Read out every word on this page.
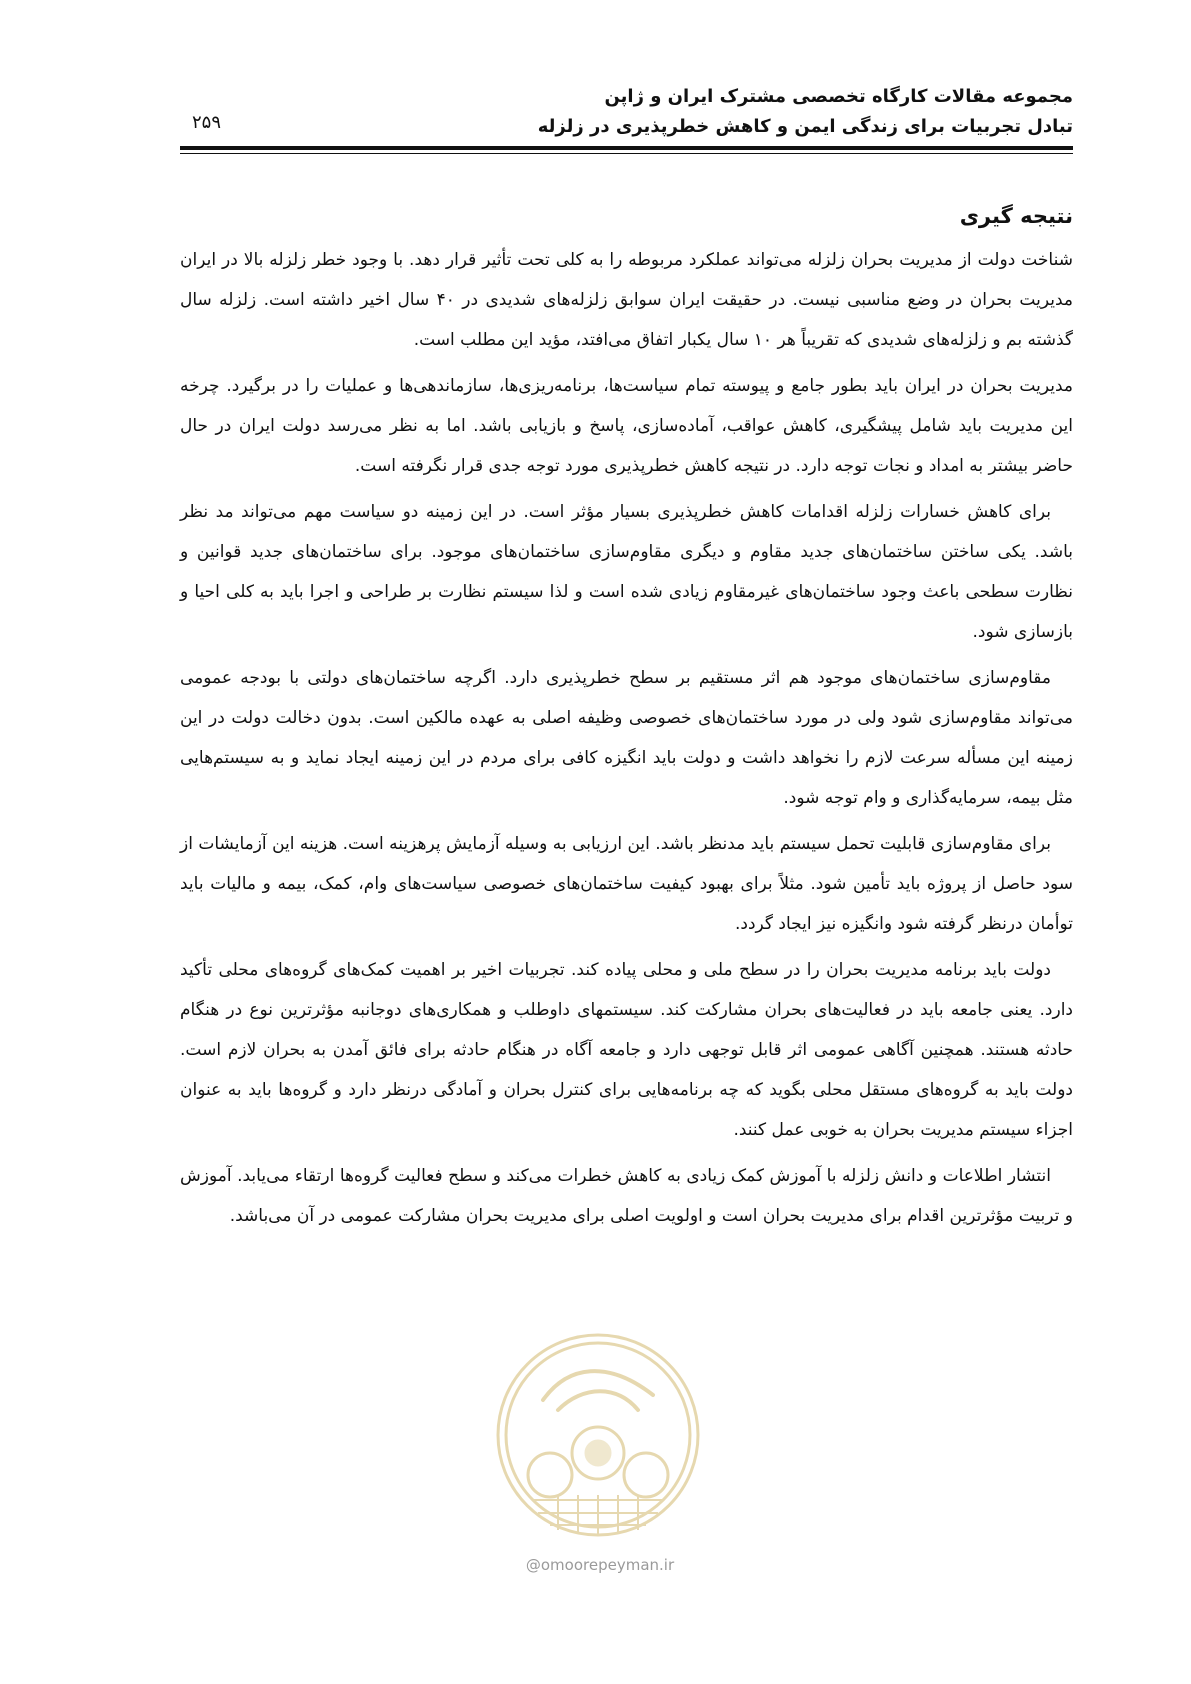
مجموعه مقالات کارگاه تخصصی مشترک ایران و ژاپن
تبادل تجربیات برای زندگی ایمن و کاهش خطرپذیری در زلزله
۲۵۹
نتیجه گیری

شناخت دولت از مدیریت بحران زلزله می‌تواند عملکرد مربوطه را به کلی تحت تأثیر قرار دهد. با وجود خطر زلزله بالا در ایران مدیریت بحران در وضع مناسبی نیست. در حقیقت ایران سوابق زلزله‌های شدیدی در ۴۰ سال اخیر داشته است. زلزله سال گذشته بم و زلزله‌های شدیدی که تقریباً هر ۱۰ سال یکبار اتفاق می‌افتد، مؤید این مطلب است.

مدیریت بحران در ایران باید بطور جامع و پیوسته تمام سیاست‌ها، برنامه‌ریزی‌ها، سازماندهی‌ها و عملیات را در برگیرد. چرخه این مدیریت باید شامل پیشگیری، کاهش عواقب، آماده‌سازی، پاسخ و بازیابی باشد. اما به نظر می‌رسد دولت ایران در حال حاضر بیشتر به امداد و نجات توجه دارد. در نتیجه کاهش خطرپذیری مورد توجه جدی قرار نگرفته است.

برای کاهش خسارات زلزله اقدامات کاهش خطرپذیری بسیار مؤثر است. در این زمینه دو سیاست مهم می‌تواند مد نظر باشد. یکی ساختن ساختمان‌های جدید مقاوم و دیگری مقاوم‌سازی ساختمان‌های موجود. برای ساختمان‌های جدید قوانین و نظارت سطحی باعث وجود ساختمان‌های غیرمقاوم زیادی شده است و لذا سیستم نظارت بر طراحی و اجرا باید به کلی احیا و بازسازی شود.

مقاوم‌سازی ساختمان‌های موجود هم اثر مستقیم بر سطح خطرپذیری دارد. اگرچه ساختمان‌های دولتی با بودجه عمومی می‌تواند مقاوم‌سازی شود ولی در مورد ساختمان‌های خصوصی وظیفه اصلی به عهده مالکین است. بدون دخالت دولت در این زمینه این مسأله سرعت لازم را نخواهد داشت و دولت باید انگیزه کافی برای مردم در این زمینه ایجاد نماید و به سیستم‌هایی مثل بیمه، سرمایه‌گذاری و وام توجه شود.

برای مقاوم‌سازی قابلیت تحمل سیستم باید مدنظر باشد. این ارزیابی به وسیله آزمایش پرهزینه است. هزینه این آزمایشات از سود حاصل از پروژه باید تأمین شود. مثلاً برای بهبود کیفیت ساختمان‌های خصوصی سیاست‌های وام، کمک، بیمه و مالیات باید توأمان درنظر گرفته شود وانگیزه نیز ایجاد گردد.

دولت باید برنامه مدیریت بحران را در سطح ملی و محلی پیاده کند. تجربیات اخیر بر اهمیت کمک‌های گروه‌های محلی تأکید دارد. یعنی جامعه باید در فعالیت‌های بحران مشارکت کند. سیستمهای داوطلب و همکاری‌های دوجانبه مؤثرترین نوع در هنگام حادثه هستند. همچنین آگاهی عمومی اثر قابل توجهی دارد و جامعه آگاه در هنگام حادثه برای فائق آمدن به بحران لازم است. دولت باید به گروه‌های مستقل محلی بگوید که چه برنامه‌هایی برای کنترل بحران و آمادگی درنظر دارد و گروه‌ها باید به عنوان اجزاء سیستم مدیریت بحران به خوبی عمل کنند.

انتشار اطلاعات و دانش زلزله با آموزش کمک زیادی به کاهش خطرات می‌کند و سطح فعالیت گروه‌ها ارتقاء می‌یابد. آموزش و تربیت مؤثرترین اقدام برای مدیریت بحران است و اولویت اصلی برای مدیریت بحران مشارکت عمومی در آن می‌باشد.

@omoorepeyman.ir
